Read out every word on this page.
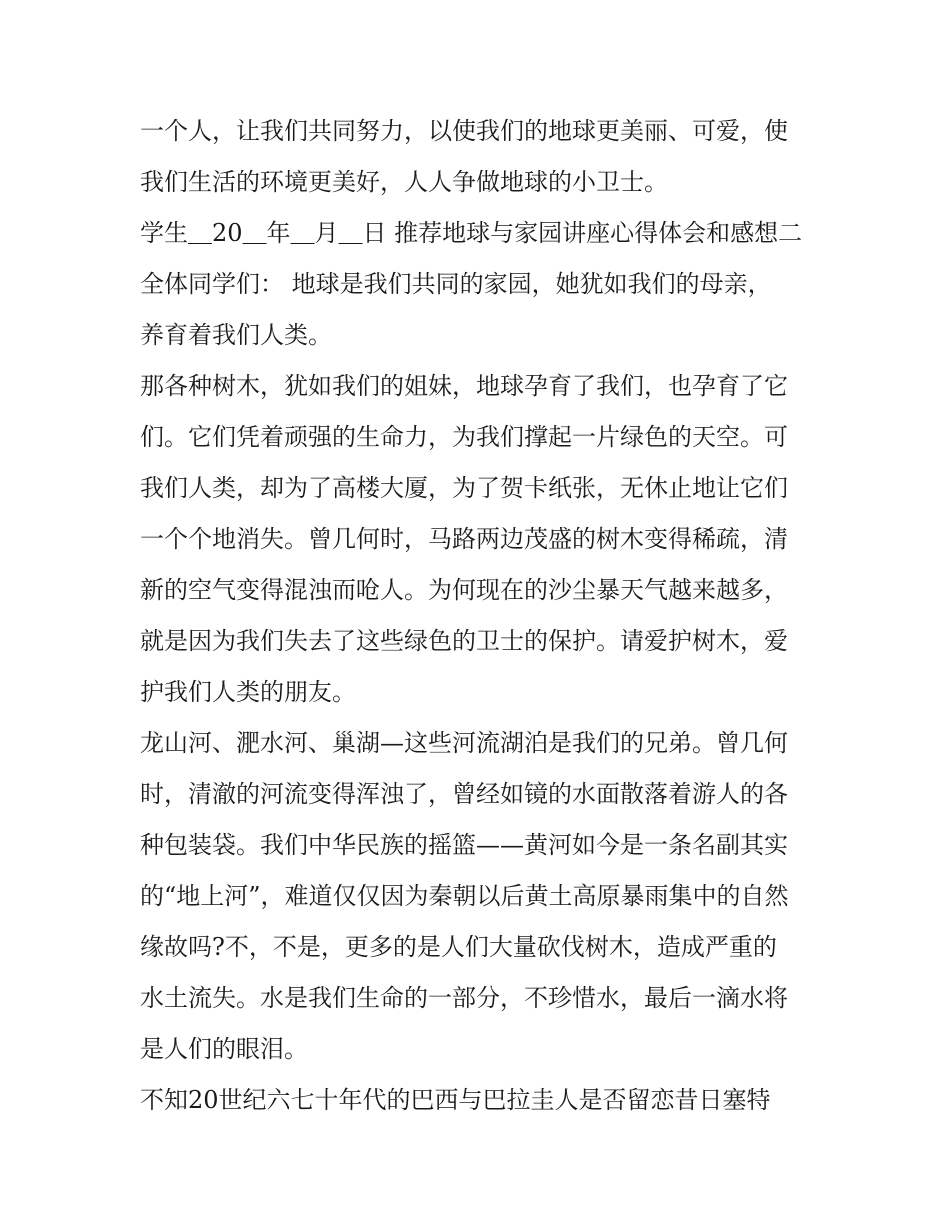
一个人，让我们共同努力，以使我们的地球更美丽、可爱，使
我们生活的环境更美好，人人争做地球的小卫士。
学生＿20＿年＿月＿日 推荐地球与家园讲座心得体会和感想二
全体同学们： 地球是我们共同的家园，她犹如我们的母亲，
养育着我们人类。
那各种树木，犹如我们的姐妹，地球孕育了我们，也孕育了它
们。它们凭着顽强的生命力，为我们撑起一片绿色的天空。可
我们人类，却为了高楼大厦，为了贺卡纸张，无休止地让它们
一个个地消失。曾几何时，马路两边茂盛的树木变得稀疏，清
新的空气变得混浊而呛人。为何现在的沙尘暴天气越来越多，
就是因为我们失去了这些绿色的卫士的保护。请爱护树木，爱
护我们人类的朋友。
龙山河、淝水河、巢湖—这些河流湖泊是我们的兄弟。曾几何
时，清澈的河流变得浑浊了，曾经如镜的水面散落着游人的各
种包装袋。我们中华民族的摇篮——黄河如今是一条名副其实
的“地上河”，难道仅仅因为秦朝以后黄土高原暴雨集中的自然
缘故吗?不，不是，更多的是人们大量砍伐树木，造成严重的
水土流失。水是我们生命的一部分，不珍惜水，最后一滴水将
是人们的眼泪。
不知20世纪六七十年代的巴西与巴拉圭人是否留恋昔日塞特
